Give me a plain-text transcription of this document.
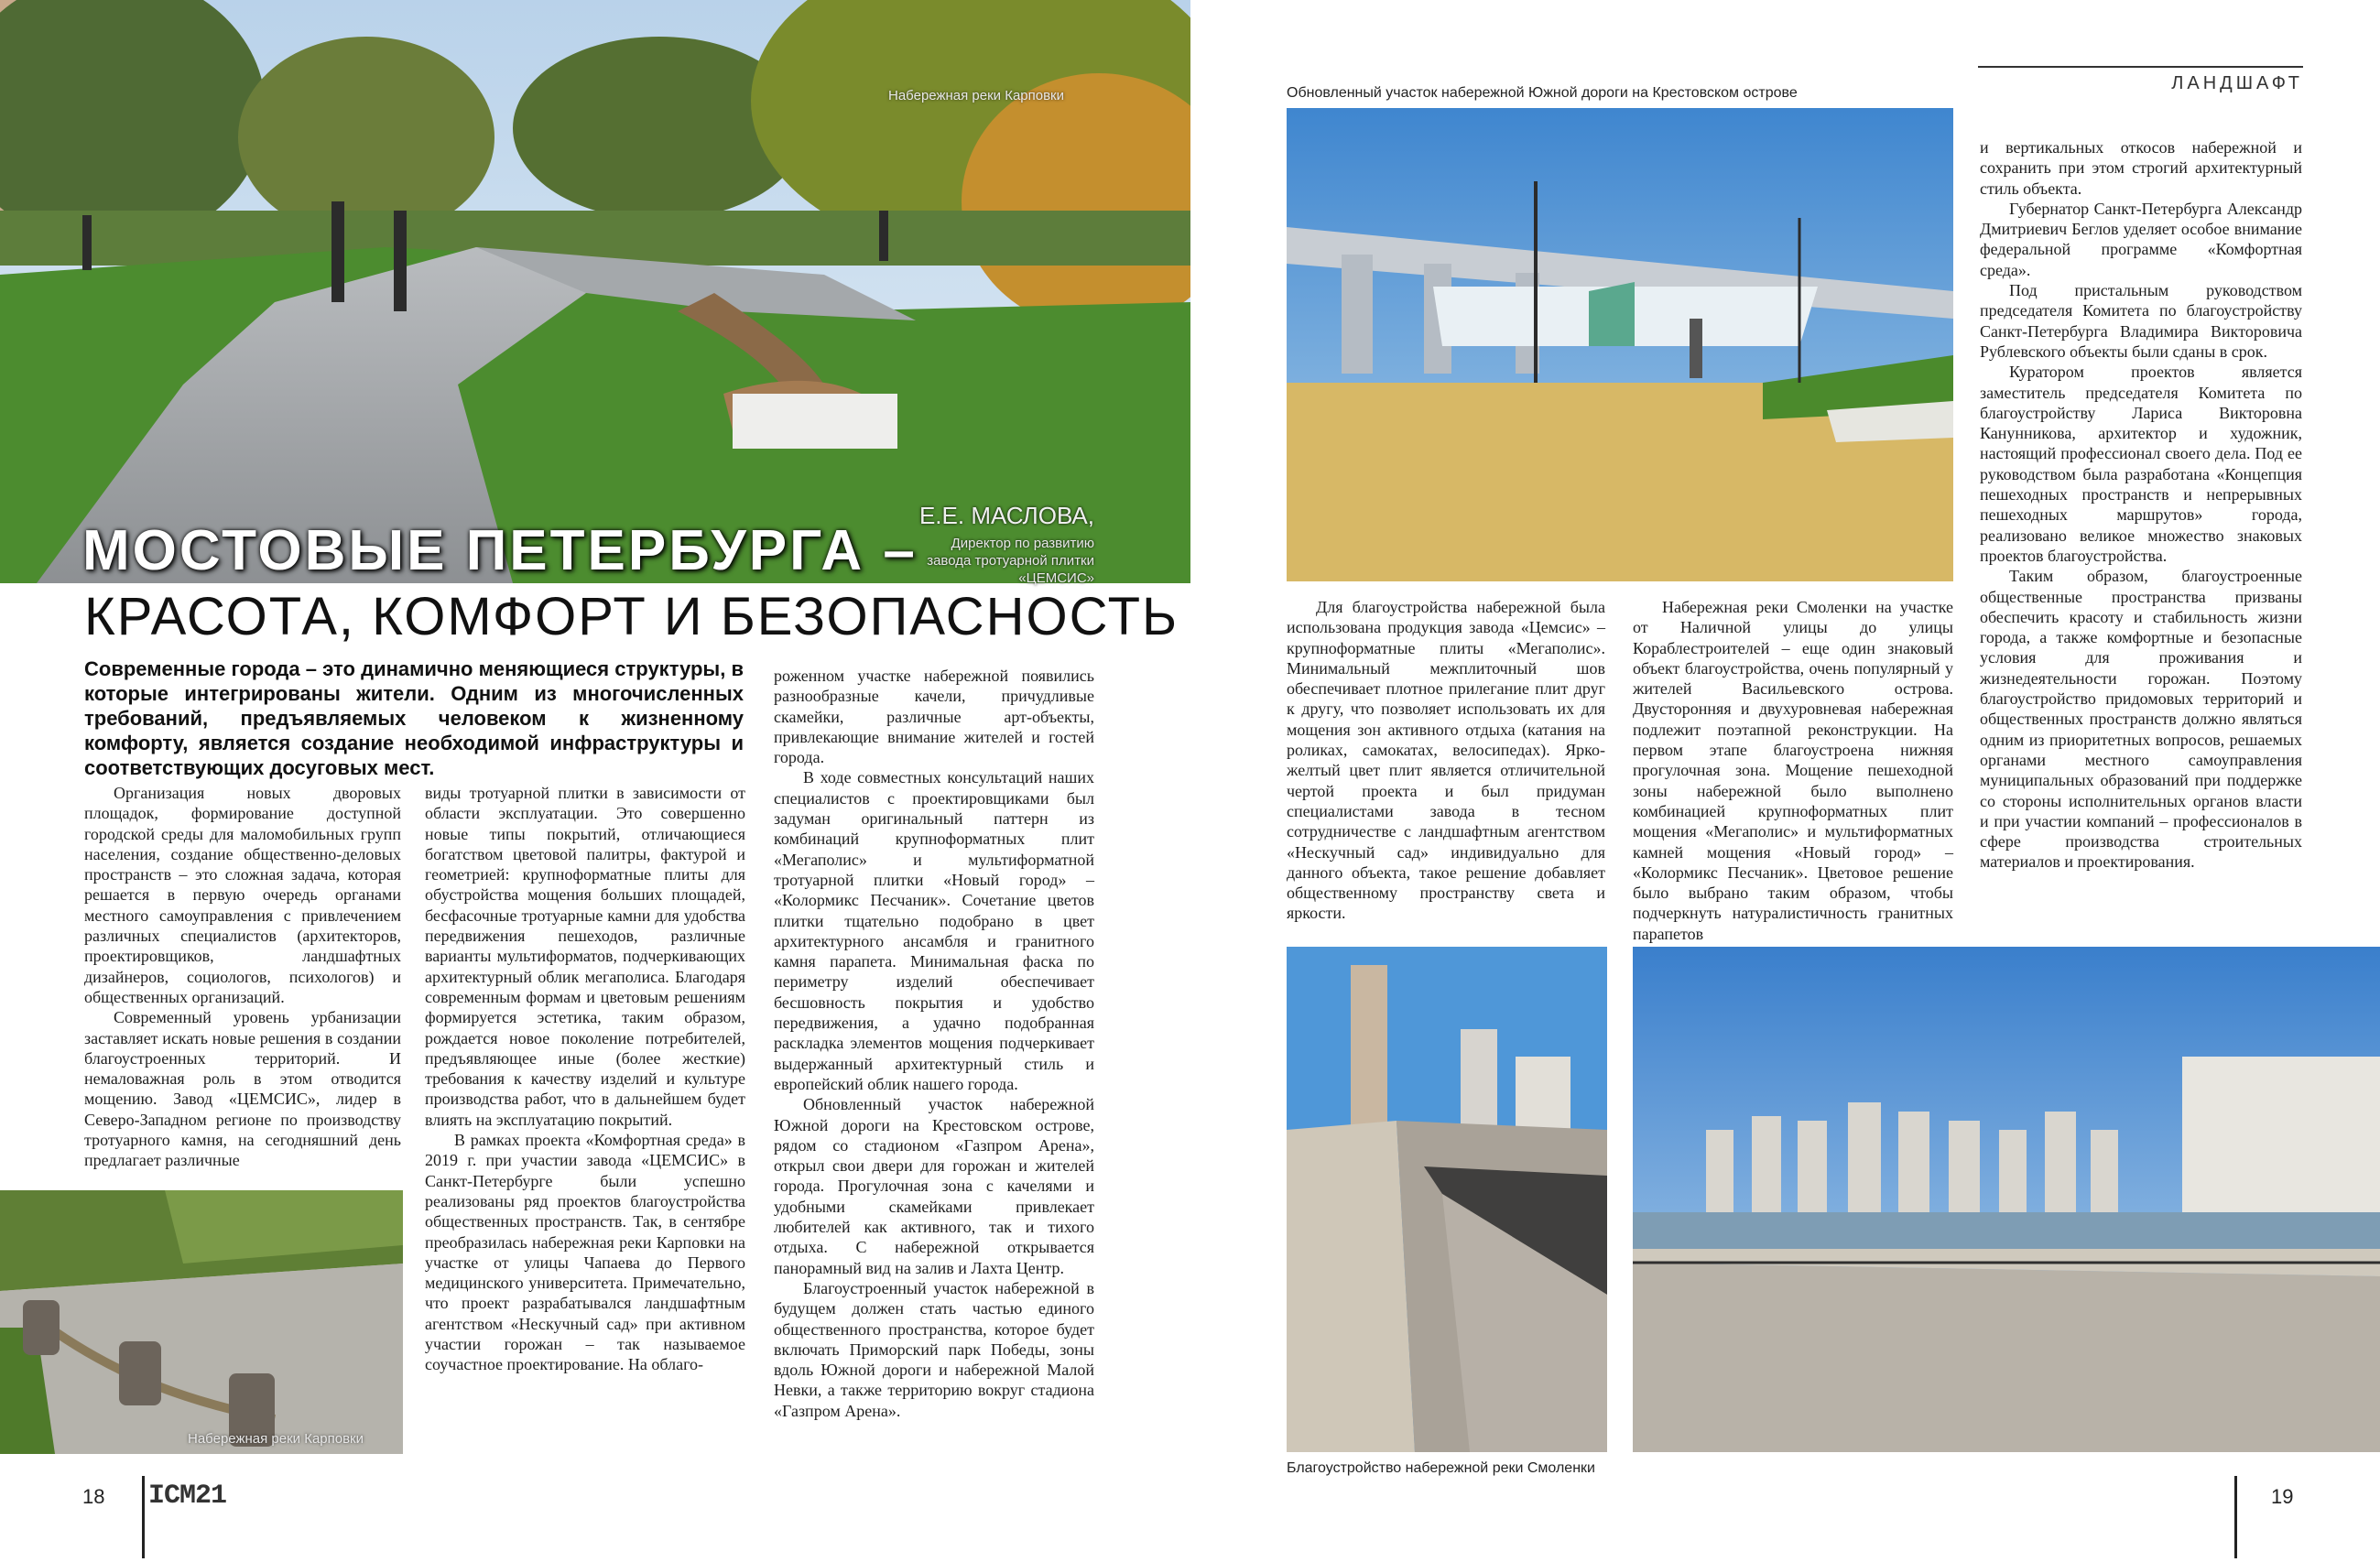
Набережная реки Карповки
МОСТОВЫЕ ПЕТЕРБУРГА –
Е.Е. МАСЛОВА,
Директор по развитию завода тротуарной плитки «ЦЕМСИС»
КРАСОТА, КОМФОРТ И БЕЗОПАСНОСТЬ
Современные города – это динамично меняющиеся структуры, в которые интегрированы жители. Одним из многочисленных требований, предъявляемых человеком к жизненному комфорту, является создание необходимой инфраструктуры и соответствующих досуговых мест.

Организация новых дворовых площадок, формирование доступной городской среды для маломобильных групп населения, создание общественно-деловых пространств – это сложная задача, которая решается в первую очередь органами местного самоуправления с привлечением различных специалистов (архитекторов, проектировщиков, ландшафтных дизайнеров, социологов, психологов) и общественных организаций.

Современный уровень урбанизации заставляет искать новые решения в создании благоустроенных территорий. И немаловажная роль в этом отводится мощению. Завод «ЦЕМСИС», лидер в Северо-Западном регионе по производству тротуарного камня, на сегодняшний день предлагает различные

Набережная реки Карповки

виды тротуарной плитки в зависимости от области эксплуатации. Это совершенно новые типы покрытий, отличающиеся богатством цветовой палитры, фактурой и геометрией: крупноформатные плиты для обустройства мощения больших площадей, бесфасочные тротуарные камни для удобства передвижения пешеходов, различные варианты мультиформатов, подчеркивающих архитектурный облик мегаполиса. Благодаря современным формам и цветовым решениям формируется эстетика, таким образом, рождается новое поколение потребителей, предъявляющее иные (более жесткие) требования к качеству изделий и культуре производства работ, что в дальнейшем будет влиять на эксплуатацию покрытий.

В рамках проекта «Комфортная среда» в 2019 г. при участии завода «ЦЕМСИС» в Санкт-Петербурге были успешно реализованы ряд проектов благоустройства общественных пространств. Так, в сентябре преобразилась набережная реки Карповки на участке от улицы Чапаева до Первого медицинского университета. Примечательно, что проект разрабатывался ландшафтным агентством «Нескучный сад» при активном участии горожан – так называемое соучастное проектирование. На облаго-

роженном участке набережной появились разнообразные качели, причудливые скамейки, различные арт-объекты, привлекающие внимание жителей и гостей города.

В ходе совместных консультаций наших специалистов с проектировщиками был задуман оригинальный паттерн из комбинаций крупноформатных плит «Мегаполис» и мультиформатной тротуарной плитки «Новый город» – «Колормикс Песчаник». Сочетание цветов плитки тщательно подобрано в цвет архитектурного ансамбля и гранитного камня парапета. Минимальная фаска по периметру изделий обеспечивает бесшовность покрытия и удобство передвижения, а удачно подобранная раскладка элементов мощения подчеркивает выдержанный архитектурный стиль и европейский облик нашего города.

Обновленный участок набережной Южной дороги на Крестовском острове, рядом со стадионом «Газпром Арена», открыл свои двери для горожан и жителей города. Прогулочная зона с качелями и удобными скамейками привлекает любителей как активного, так и тихого отдыха. С набережной открывается панорамный вид на залив и Лахта Центр.

Благоустроенный участок набережной в будущем должен стать частью единого общественного пространства, которое будет включать Приморский парк Победы, зоны вдоль Южной дороги и набережной Малой Невки, а также территорию вокруг стадиона «Газпром Арена».

18 ICM21
ЛАНДШАФТ
Обновленный участок набережной Южной дороги на Крестовском острове

Для благоустройства набережной была использована продукция завода «Цемсис» – крупноформатные плиты «Мегаполис». Минимальный межплиточный шов обеспечивает плотное прилегание плит друг к другу, что позволяет использовать их для мощения зон активного отдыха (катания на роликах, самокатах, велосипедах). Ярко-желтый цвет плит является отличительной чертой проекта и был придуман специалистами завода в тесном сотрудничестве с ландшафтным агентством «Нескучный сад» индивидуально для данного объекта, такое решение добавляет общественному пространству света и яркости.

Набережная реки Смоленки на участке от Наличной улицы до улицы Кораблестроителей – еще один знаковый объект благоустройства, очень популярный у жителей Васильевского острова. Двусторонняя и двухуровневая набережная подлежит поэтапной реконструкции. На первом этапе благоустроена нижняя прогулочная зона. Мощение пешеходной зоны набережной было выполнено комбинацией крупноформатных плит мощения «Мегаполис» и мультиформатных камней мощения «Новый город» – «Колормикс Песчаник». Цветовое решение было выбрано таким образом, чтобы подчеркнуть натуралистичность гранитных парапетов

и вертикальных откосов набережной и сохранить при этом строгий архитектурный стиль объекта.

Губернатор Санкт-Петербурга Александр Дмитриевич Беглов уделяет особое внимание федеральной программе «Комфортная среда».

Под пристальным руководством председателя Комитета по благоустройству Санкт-Петербурга Владимира Викторовича Рублевского объекты были сданы в срок.

Куратором проектов является заместитель председателя Комитета по благоустройству Лариса Викторовна Канунникова, архитектор и художник, настоящий профессионал своего дела. Под ее руководством была разработана «Концепция пешеходных пространств и непрерывных пешеходных маршрутов» города, реализовано великое множество знаковых проектов благоустройства.

Таким образом, благоустроенные общественные пространства призваны обеспечить красоту и стабильность жизни города, а также комфортные и безопасные условия для проживания и жизнедеятельности горожан. Поэтому благоустройство придомовых территорий и общественных пространств должно являться одним из приоритетных вопросов, решаемых органами местного самоуправления муниципальных образований при поддержке со стороны исполнительных органов власти и при участии компаний – профессионалов в сфере производства строительных материалов и проектирования.

Благоустройство набережной реки Смоленки
19
